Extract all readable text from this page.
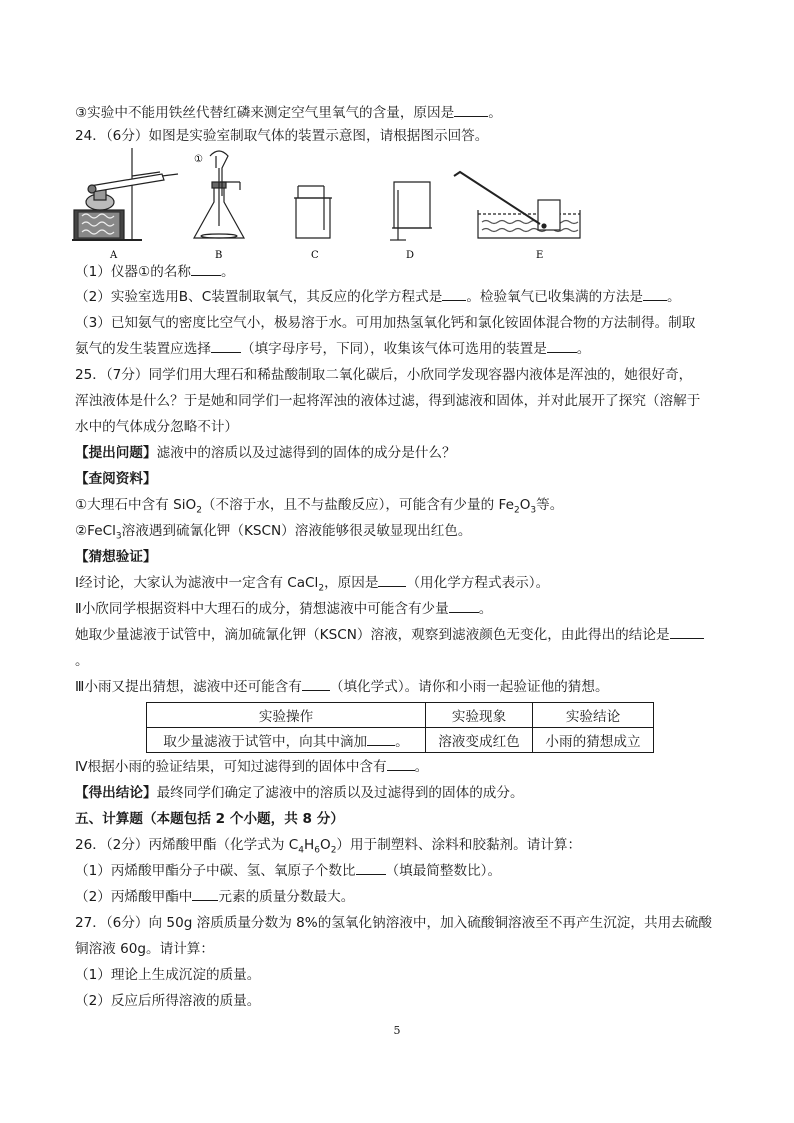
③实验中不能用铁丝代替红磷来测定空气里氧气的含量，原因是	。
24．（6分）如图是实验室制取气体的装置示意图，请根据图示回答。
A
①
B	C	D	E
（1）仪器①的名称 。
（2）实验室选用B、C装置制取氧气，其反应的化学方程式是 。检验氧气已收集满的方法是 。
（3）已知氨气的密度比空气小，极易溶于水。可用加热氢氧化钙和氯化铵固体混合物的方法制得。制取
氨气的发生装置应选择 （填字母序号，下同），收集该气体可选用的装置是 。
25．（7分）同学们用大理石和稀盐酸制取二氧化碳后，小欣同学发现容器内液体是浑浊的，她很好奇，
浑浊液体是什么？于是她和同学们一起将浑浊的液体过滤，得到滤液和固体，并对此展开了探究（溶解于
水中的气体成分忽略不计）
【提出问题】滤液中的溶质以及过滤得到的固体的成分是什么？
【查阅资料】
①大理石中含有 SiO$_2$（不溶于水，且不与盐酸反应），可能含有少量的 $Fe_2O_3$等。
②FeCl$_3$溶液遇到硫氰化钾（KSCN）溶液能够很灵敏显现出红色。
【猜想验证】
Ⅰ经讨论，大家认为滤液中一定含有 CaCl$_2$，原因是 （用化学方程式表示）。
Ⅱ小欣同学根据资料中大理石的成分，猜想滤液中可能含有少量 。
她取少量滤液于试管中，滴加硫氰化钾（KSCN）溶液，观察到滤液颜色无变化，由此得出的结论是
。
Ⅲ小雨又提出猜想，滤液中还可能含有 （填化学式）。请你和小雨一起验证他的猜想。
实验操作	实验现象	实验结论
取少量滤液于试管中，向其中滴加 。	溶液变成红色	小雨的猜想成立
Ⅳ根据小雨的验证结果，可知过滤得到的固体中含有 。
【得出结论】最终同学们确定了滤液中的溶质以及过滤得到的固体的成分。
五、计算题（本题包括 2 个小题，共 8 分）
26．（2分）丙烯酸甲酯（化学式为 $C_4H_6O_2$）用于制塑料、涂料和胶黏剂。请计算：
（1）丙烯酸甲酯分子中碳、氢、氧原子个数比 （填最简整数比）。
（2）丙烯酸甲酯中 元素的质量分数最大。
27．（6分）向 50g 溶质质量分数为 8%的氢氧化钠溶液中，加入硫酸铜溶液至不再产生沉淀，共用去硫酸
铜溶液 60g。请计算：
（1）理论上生成沉淀的质量。
（2）反应后所得溶液的质量。
5
